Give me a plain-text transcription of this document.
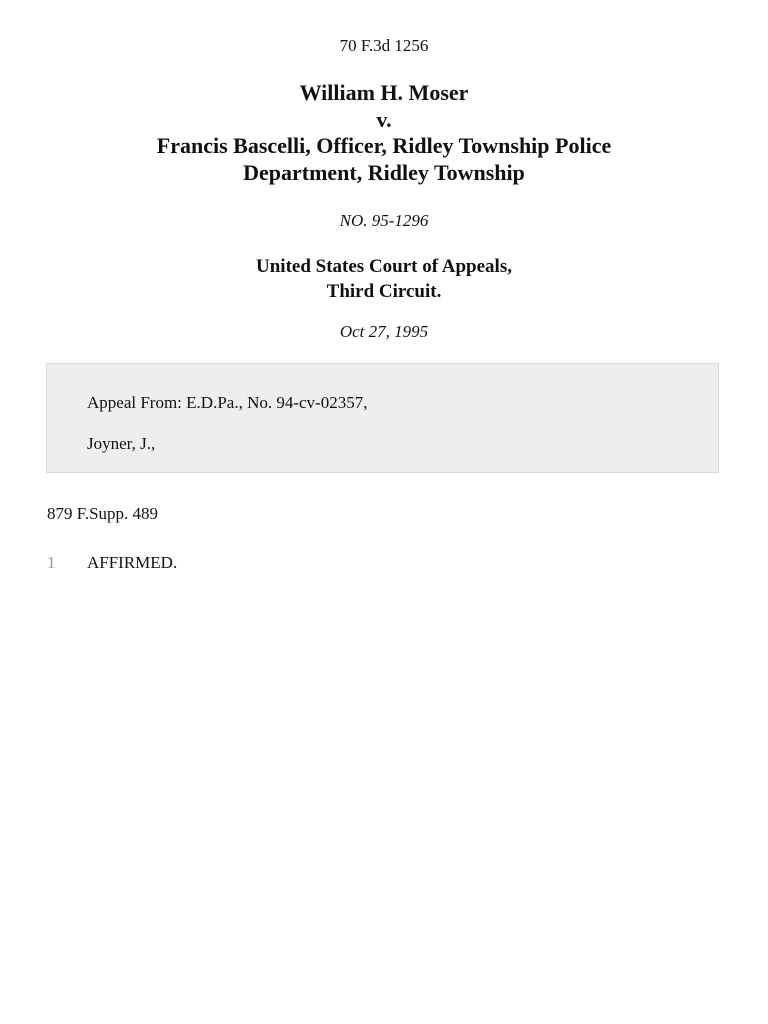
70 F.3d 1256
William H. Moser
v.
Francis Bascelli, Officer, Ridley Township Police
Department, Ridley Township
NO. 95-1296
United States Court of Appeals,
Third Circuit.
Oct 27, 1995
Appeal From: E.D.Pa., No. 94-cv-02357,
Joyner, J.,
879 F.Supp. 489
1 AFFIRMED.
